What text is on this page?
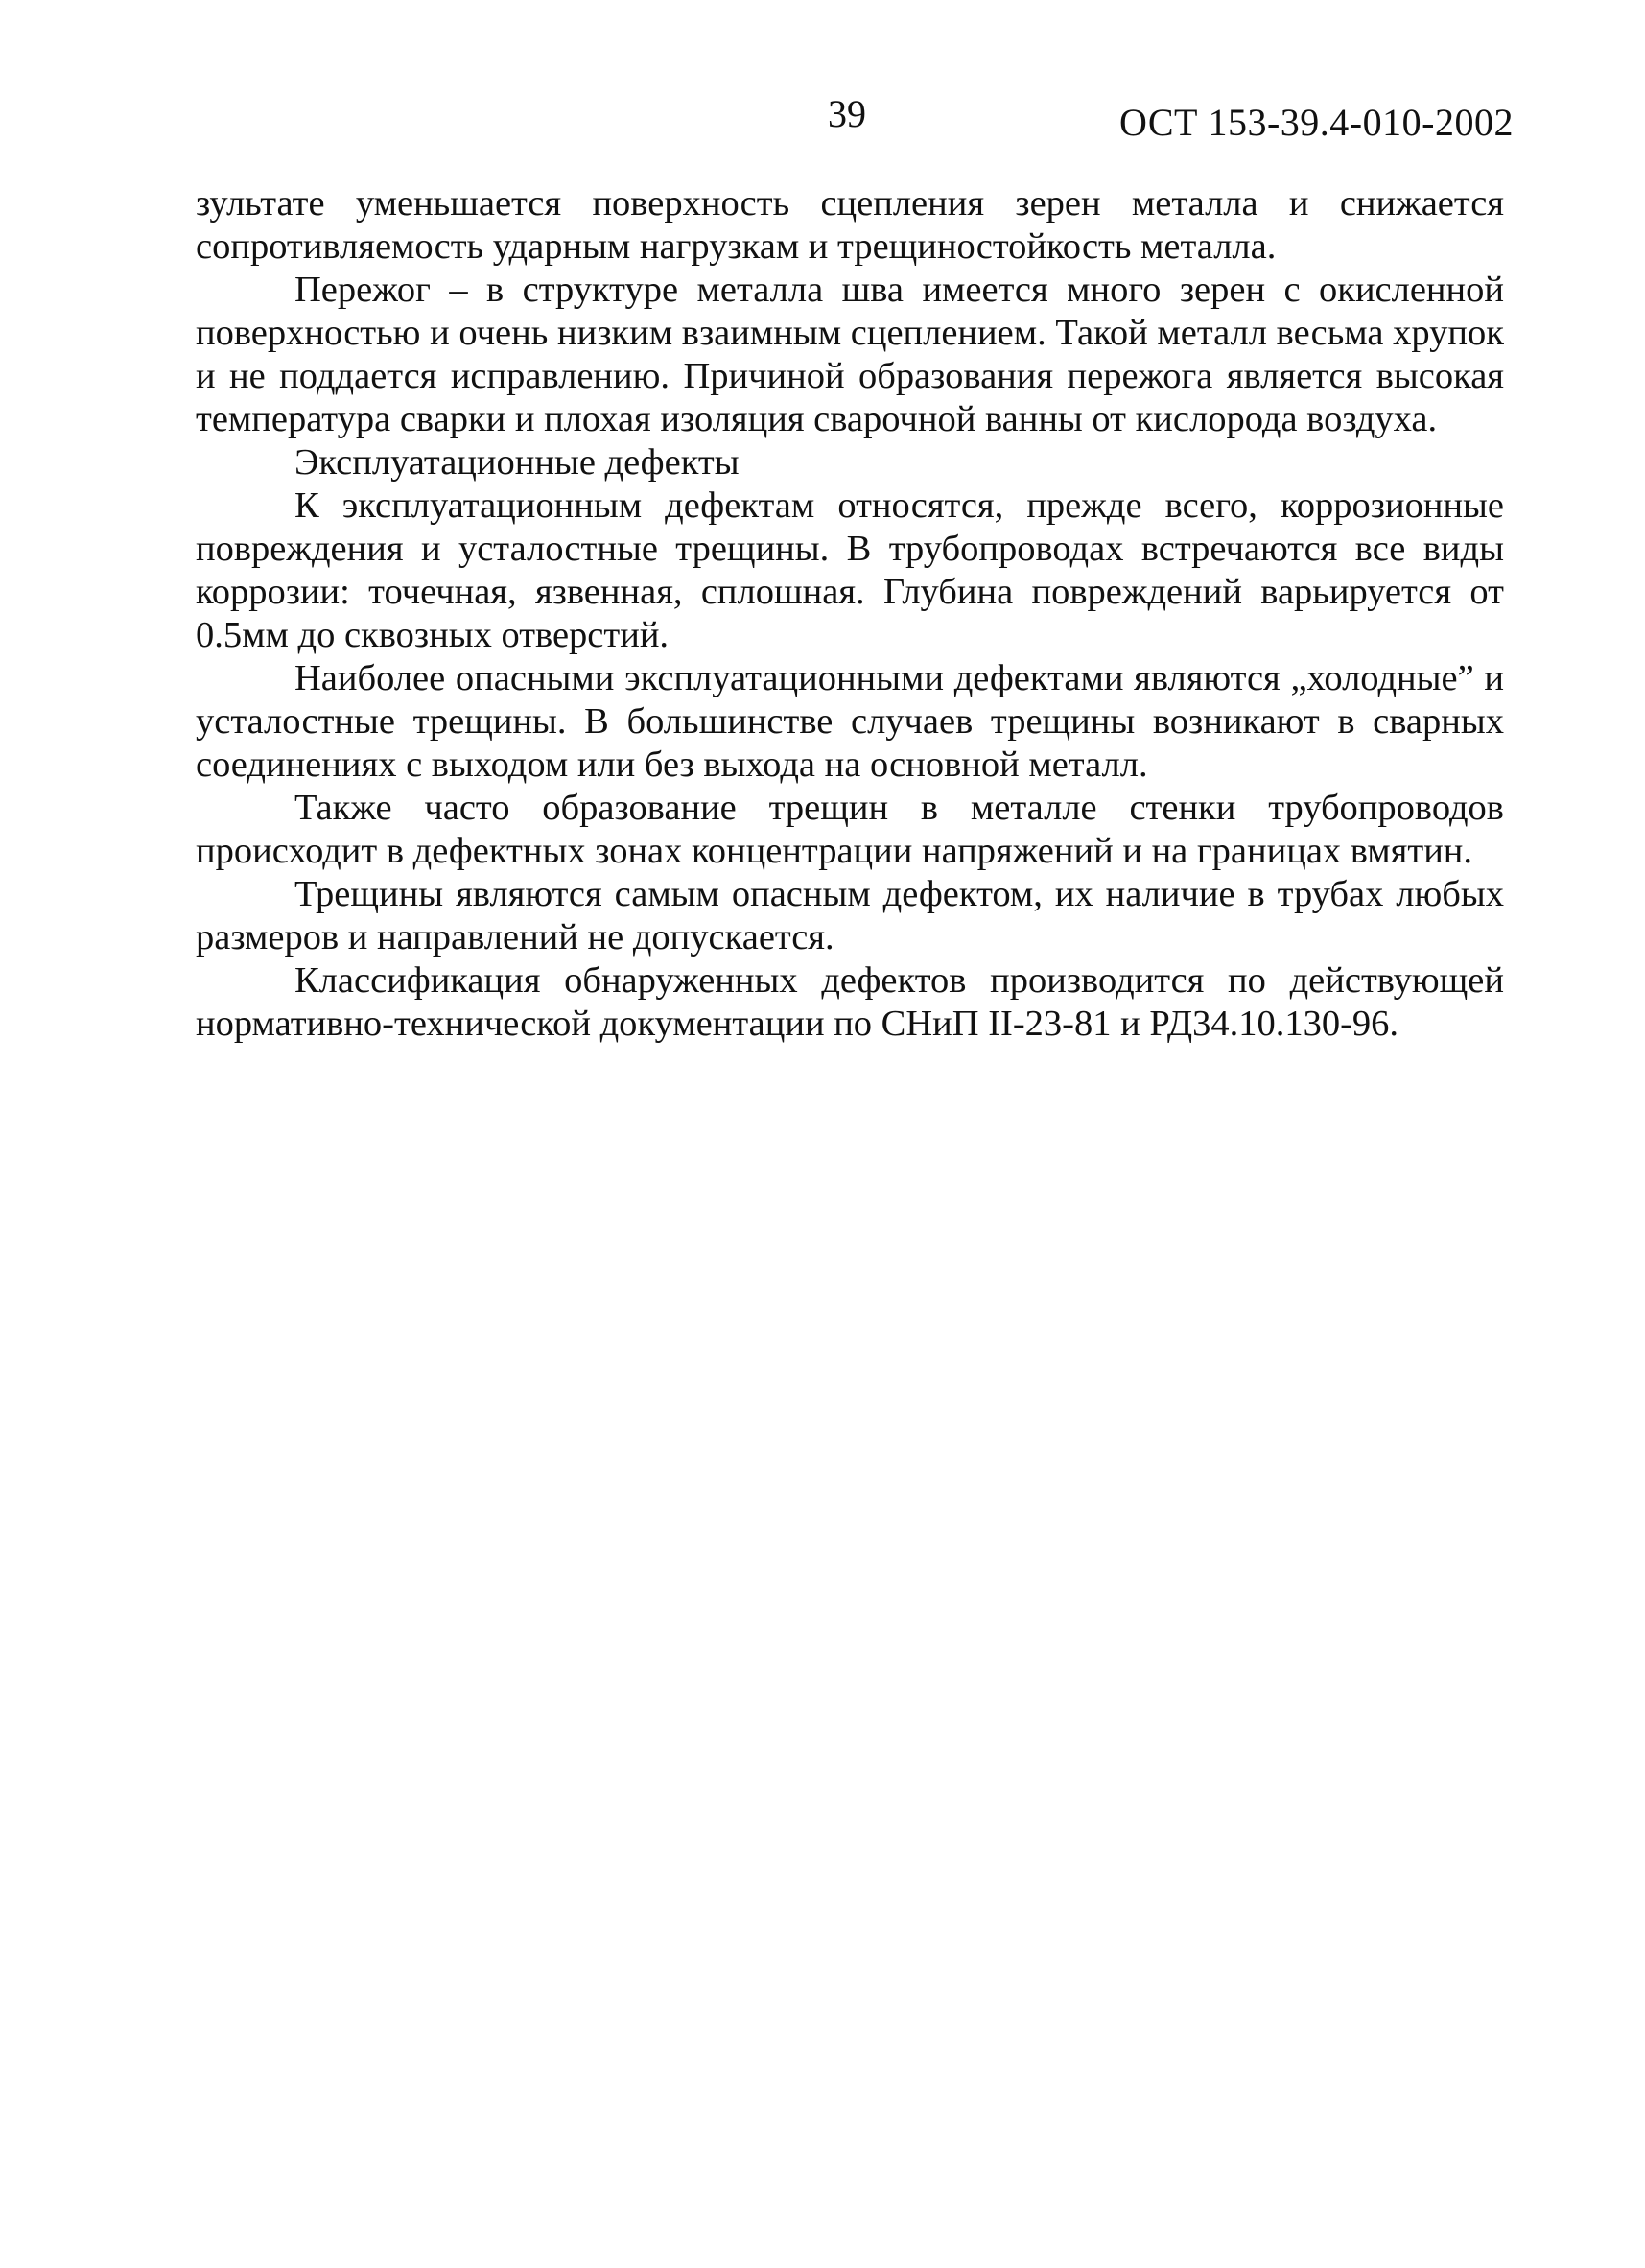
39	ОСТ 153-39.4-010-2002

зультате уменьшается поверхность сцепления зерен металла и снижается сопротивляемость ударным нагрузкам и трещиностойкость металла.

Пережог – в структуре металла шва имеется много зерен с окисленной поверхностью и очень низким взаимным сцеплением. Такой металл весьма хрупок и не поддается исправлению. Причиной образования пережога является высокая температура сварки и плохая изоляция сварочной ванны от кислорода воздуха.

Эксплуатационные дефекты

К эксплуатационным дефектам относятся, прежде всего, коррозионные повреждения и усталостные трещины. В трубопроводах встречаются все виды коррозии: точечная, язвенная, сплошная. Глубина повреждений варьируется от 0.5мм до сквозных отверстий.

Наиболее опасными эксплуатационными дефектами являются „холодные” и усталостные трещины. В большинстве случаев трещины возникают в сварных соединениях с выходом или без выхода на основной металл.

Также часто образование трещин в металле стенки трубопроводов происходит в дефектных зонах концентрации напряжений и на границах вмятин.

Трещины являются самым опасным дефектом, их наличие в трубах любых размеров и направлений не допускается.

Классификация обнаруженных дефектов производится по действующей нормативно-технической документации по СНиП II-23-81 и РД34.10.130-96.
